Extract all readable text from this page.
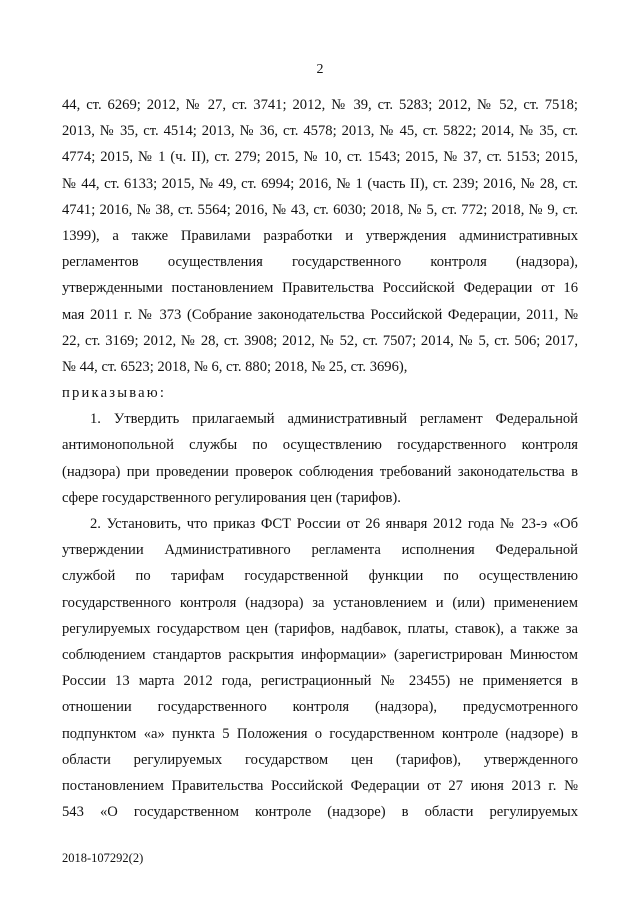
2
44, ст. 6269; 2012, № 27, ст. 3741; 2012, № 39, ст. 5283; 2012, № 52, ст. 7518;
2013, № 35, ст. 4514; 2013, № 36, ст. 4578; 2013, № 45, ст. 5822; 2014, № 35, ст.
4774; 2015, № 1 (ч. II), ст. 279; 2015, № 10, ст. 1543; 2015, № 37, ст. 5153; 2015,
№ 44, ст. 6133; 2015, № 49, ст. 6994; 2016, № 1 (часть II), ст. 239; 2016, № 28, ст.
4741; 2016, № 38, ст. 5564; 2016, № 43, ст. 6030; 2018, № 5, ст. 772; 2018, № 9, ст.
1399), а также Правилами разработки и утверждения административных
регламентов осуществления государственного контроля (надзора),
утвержденными постановлением Правительства Российской Федерации от 16
мая 2011 г. № 373 (Собрание законодательства Российской Федерации, 2011, №
22, ст. 3169; 2012, № 28, ст. 3908; 2012, № 52, ст. 7507; 2014, № 5, ст. 506; 2017,
№ 44, ст. 6523; 2018, № 6, ст. 880; 2018, № 25, ст. 3696),
приказываю:
1. Утвердить прилагаемый административный регламент Федеральной
антимонопольной службы по осуществлению государственного контроля
(надзора) при проведении проверок соблюдения требований законодательства в
сфере государственного регулирования цен (тарифов).
2. Установить, что приказ ФСТ России от 26 января 2012 года № 23-э «Об
утверждении Административного регламента исполнения Федеральной
службой по тарифам государственной функции по осуществлению
государственного контроля (надзора) за установлением и (или) применением
регулируемых государством цен (тарифов, надбавок, платы, ставок), а также за
соблюдением стандартов раскрытия информации» (зарегистрирован Минюстом
России 13 марта 2012 года, регистрационный № 23455) не применяется в
отношении государственного контроля (надзора), предусмотренного
подпунктом «а» пункта 5 Положения о государственном контроле (надзоре) в
области регулируемых государством цен (тарифов), утвержденного
постановлением Правительства Российской Федерации от 27 июня 2013 г. №
543 «О государственном контроле (надзоре) в области регулируемых
2018-107292(2)
